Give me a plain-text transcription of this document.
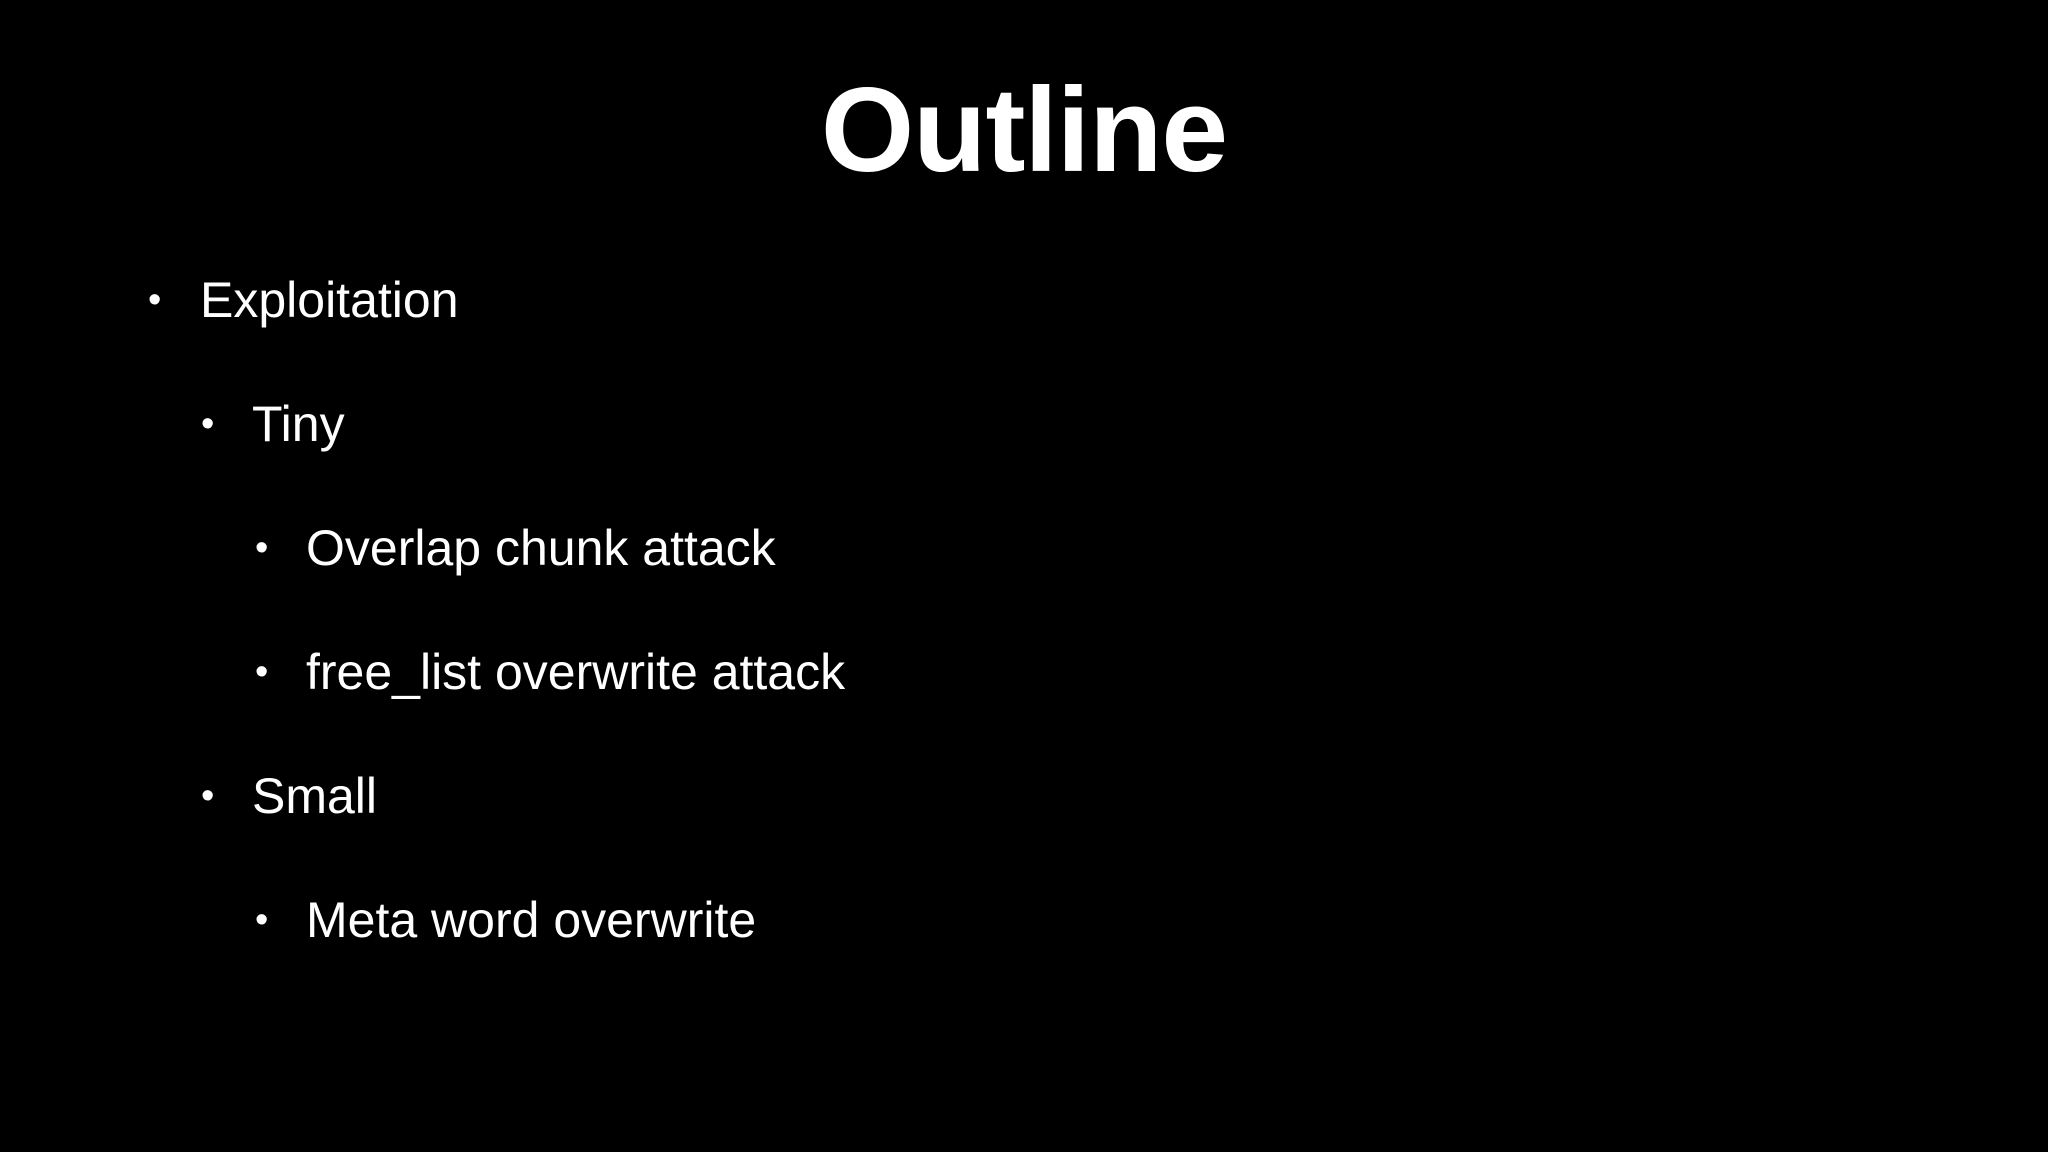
Outline
• Exploitation
• Tiny
• Overlap chunk attack
• free_list overwrite attack
• Small
• Meta word overwrite
